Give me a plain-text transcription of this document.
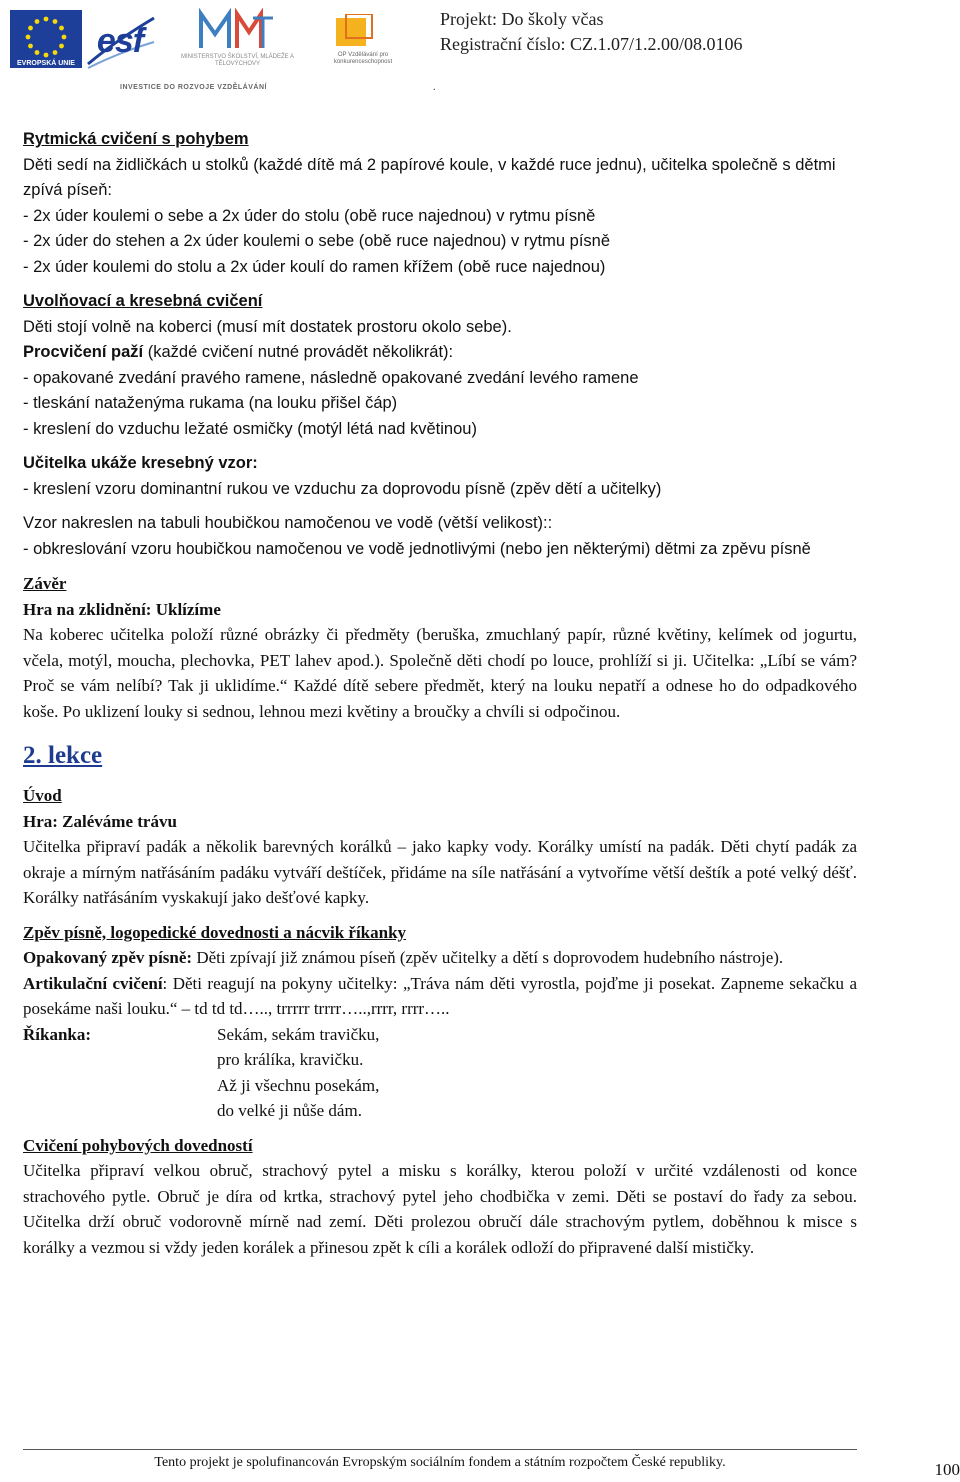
EVROPSKÁ UNIE
esf	MINISTERSTVO ŠKOLSTVÍ, MLÁDEŽE A TĚLOVÝCHOVY
OP Vzdělávání pro konkurenceschopnost
INVESTICE DO ROZVOJE VZDĚLÁVÁNÍ
Projekt: Do školy včas
Registrační číslo: CZ.1.07/1.2.00/08.0106
.

Rytmická cvičení s pohybem

Děti sedí na židličkách u stolků (každé dítě má 2 papírové koule, v každé ruce jednu), učitelka společně s dětmi zpívá píseň:

- 2x úder koulemi o sebe a 2x úder do stolu (obě ruce najednou) v rytmu písně

- 2x úder do stehen a 2x úder koulemi o sebe (obě ruce najednou) v rytmu písně

- 2x úder koulemi do stolu a 2x úder koulí do ramen křížem (obě ruce najednou)

Uvolňovací a kresebná cvičení

Děti stojí volně na koberci (musí mít dostatek prostoru okolo sebe).

Procvičení paží (každé cvičení nutné provádět několikrát):

- opakované zvedání pravého ramene, následně opakované zvedání levého ramene

- tleskání nataženýma rukama (na louku přišel čáp)

- kreslení do vzduchu ležaté osmičky (motýl létá nad květinou)

Učitelka ukáže kresebný vzor:

- kreslení vzoru dominantní rukou ve vzduchu za doprovodu písně (zpěv dětí a učitelky)

Vzor nakreslen na tabuli houbičkou namočenou ve vodě (větší velikost)::

- obkreslování vzoru houbičkou namočenou ve vodě jednotlivými (nebo jen některými) dětmi za zpěvu písně

Závěr

Hra na zklidnění: Uklízíme

Na koberec učitelka položí různé obrázky či předměty (beruška, zmuchlaný papír, různé květiny, kelímek od jogurtu, včela, motýl, moucha, plechovka, PET lahev apod.). Společně děti chodí po louce, prohlíží si ji. Učitelka: „Líbí se vám? Proč se vám nelíbí? Tak ji uklidíme.“ Každé dítě sebere předmět, který na louku nepatří a odnese ho do odpadkového koše. Po uklizení louky si sednou, lehnou mezi květiny a broučky a chvíli si odpočinou.

2. lekce

Úvod

Hra: Zaléváme trávu

Učitelka připraví padák a několik barevných korálků – jako kapky vody. Korálky umístí na padák. Děti chytí padák za okraje a mírným natřásáním padáku vytváří deštíček, přidáme na síle natřásání a vytvoříme větší deštík a poté velký déšť. Korálky natřásáním vyskakují jako dešťové kapky.

Zpěv písně, logopedické dovednosti a nácvik říkanky

Opakovaný zpěv písně: Děti zpívají již známou píseň (zpěv učitelky a dětí s doprovodem hudebního nástroje).

Artikulační cvičení: Děti reagují na pokyny učitelky: „Tráva nám děti vyrostla, pojďme ji posekat. Zapneme sekačku a posekáme naši louku.“ – td td td….., trrrrr trrrr…..,rrrr, rrrr…..

Říkanka:	Sekám, sekám travičku,
pro králíka, kravičku.
Až ji všechnu posekám,
do velké ji nůše dám.

Cvičení pohybových dovedností

Učitelka připraví velkou obruč, strachový pytel a misku s korálky, kterou položí v určité vzdálenosti od konce strachového pytle. Obruč je díra od krtka, strachový pytel jeho chodbička v zemi. Děti se postaví do řady za sebou. Učitelka drží obruč vodorovně mírně nad zemí. Děti prolezou obručí dále strachovým pytlem, doběhnou k misce s korálky a vezmou si vždy jeden korálek a přinesou zpět k cíli a korálek odloží do připravené další mističky.

Tento projekt je spolufinancován Evropským sociálním fondem a státním rozpočtem České republiky.	100
